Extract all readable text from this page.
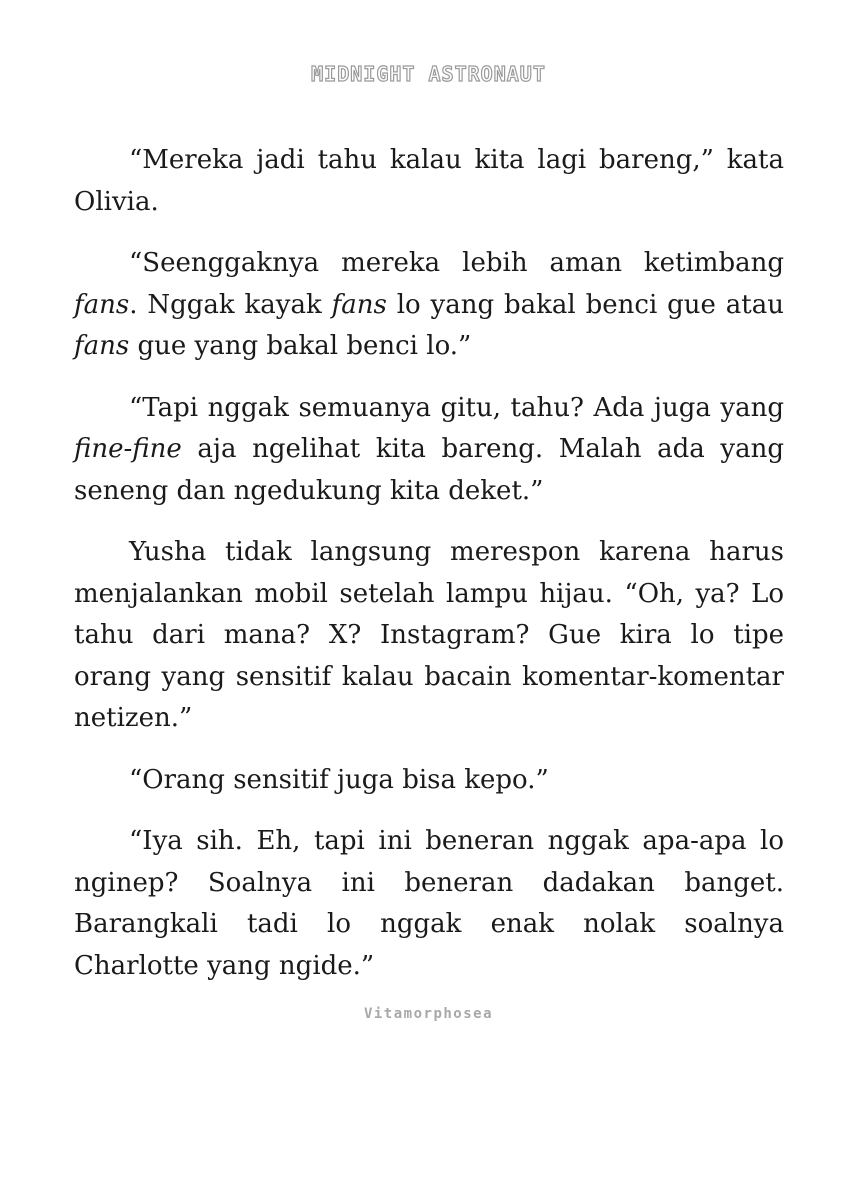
MIDNIGHT ASTRONAUT

“Mereka jadi tahu kalau kita lagi bareng,” kata Olivia.

“Seenggaknya mereka lebih aman ketimbang fans. Nggak kayak fans lo yang bakal benci gue atau fans gue yang bakal benci lo.”

“Tapi nggak semuanya gitu, tahu? Ada juga yang fine-fine aja ngelihat kita bareng. Malah ada yang seneng dan ngedukung kita deket.”

Yusha tidak langsung merespon karena harus menjalankan mobil setelah lampu hijau. “Oh, ya? Lo tahu dari mana? X? Instagram? Gue kira lo tipe orang yang sensitif kalau bacain komentar-komentar netizen.”

“Orang sensitif juga bisa kepo.”

“Iya sih. Eh, tapi ini beneran nggak apa-apa lo nginep? Soalnya ini beneran dadakan banget. Barangkali tadi lo nggak enak nolak soalnya Charlotte yang ngide.”

Vitamorphosea
